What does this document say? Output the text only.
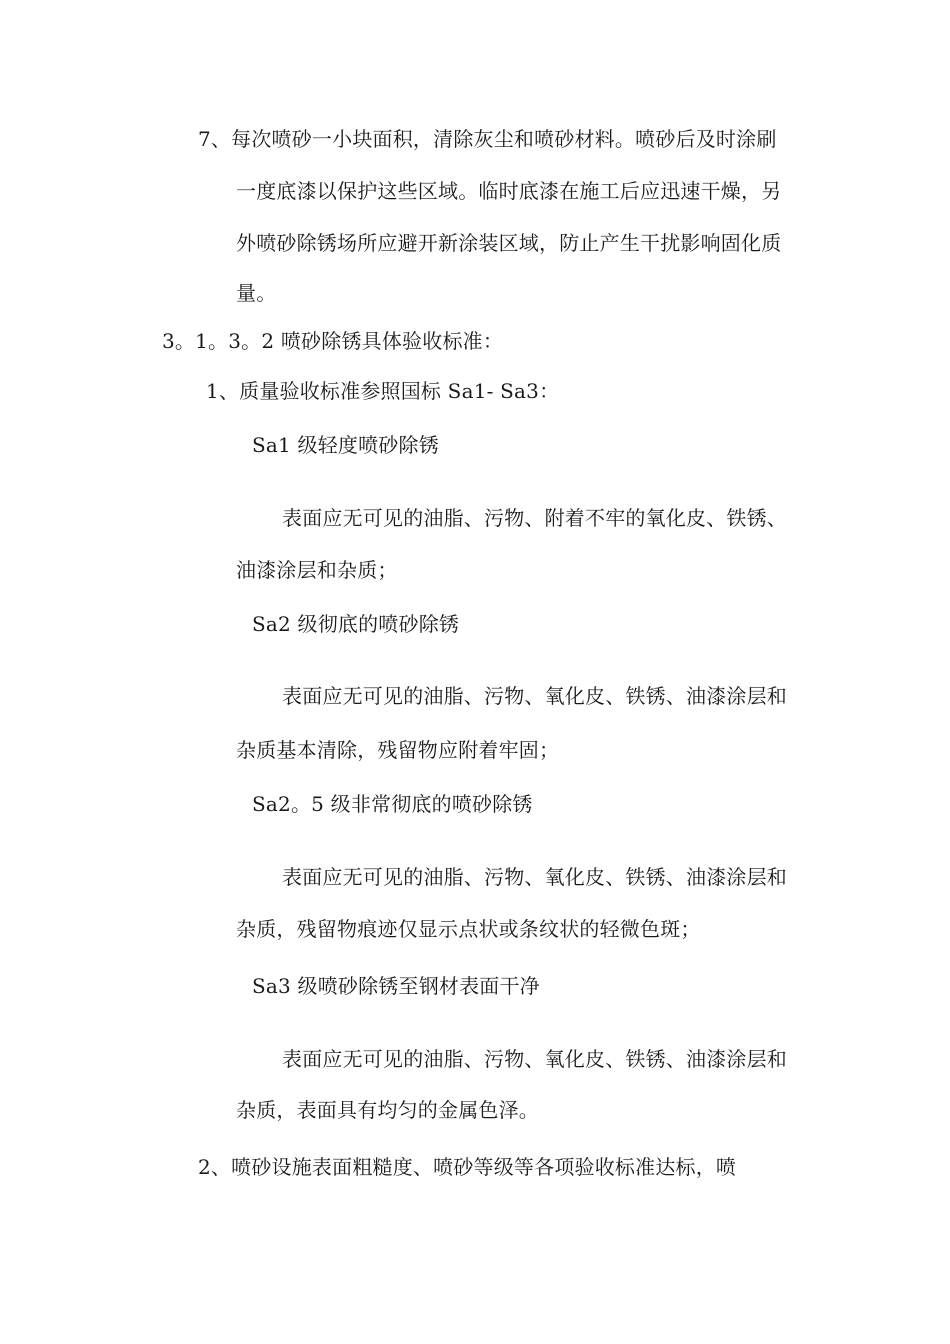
7、每次喷砂一小块面积，清除灰尘和喷砂材料。喷砂后及时涂刷
一度底漆以保护这些区域。临时底漆在施工后应迅速干燥，另
外喷砂除锈场所应避开新涂装区域，防止产生干扰影响固化质
量。
3。1。3。2 喷砂除锈具体验收标准：
1、质量验收标准参照国标 Sa1- Sa3：
Sa1 级轻度喷砂除锈
表面应无可见的油脂、污物、附着不牢的氧化皮、铁锈、
油漆涂层和杂质；
Sa2 级彻底的喷砂除锈
表面应无可见的油脂、污物、氧化皮、铁锈、油漆涂层和
杂质基本清除，残留物应附着牢固；
Sa2。5 级非常彻底的喷砂除锈
表面应无可见的油脂、污物、氧化皮、铁锈、油漆涂层和
杂质，残留物痕迹仅显示点状或条纹状的轻微色斑；
Sa3 级喷砂除锈至钢材表面干净
表面应无可见的油脂、污物、氧化皮、铁锈、油漆涂层和
杂质，表面具有均匀的金属色泽。
2、喷砂设施表面粗糙度、喷砂等级等各项验收标准达标，喷
